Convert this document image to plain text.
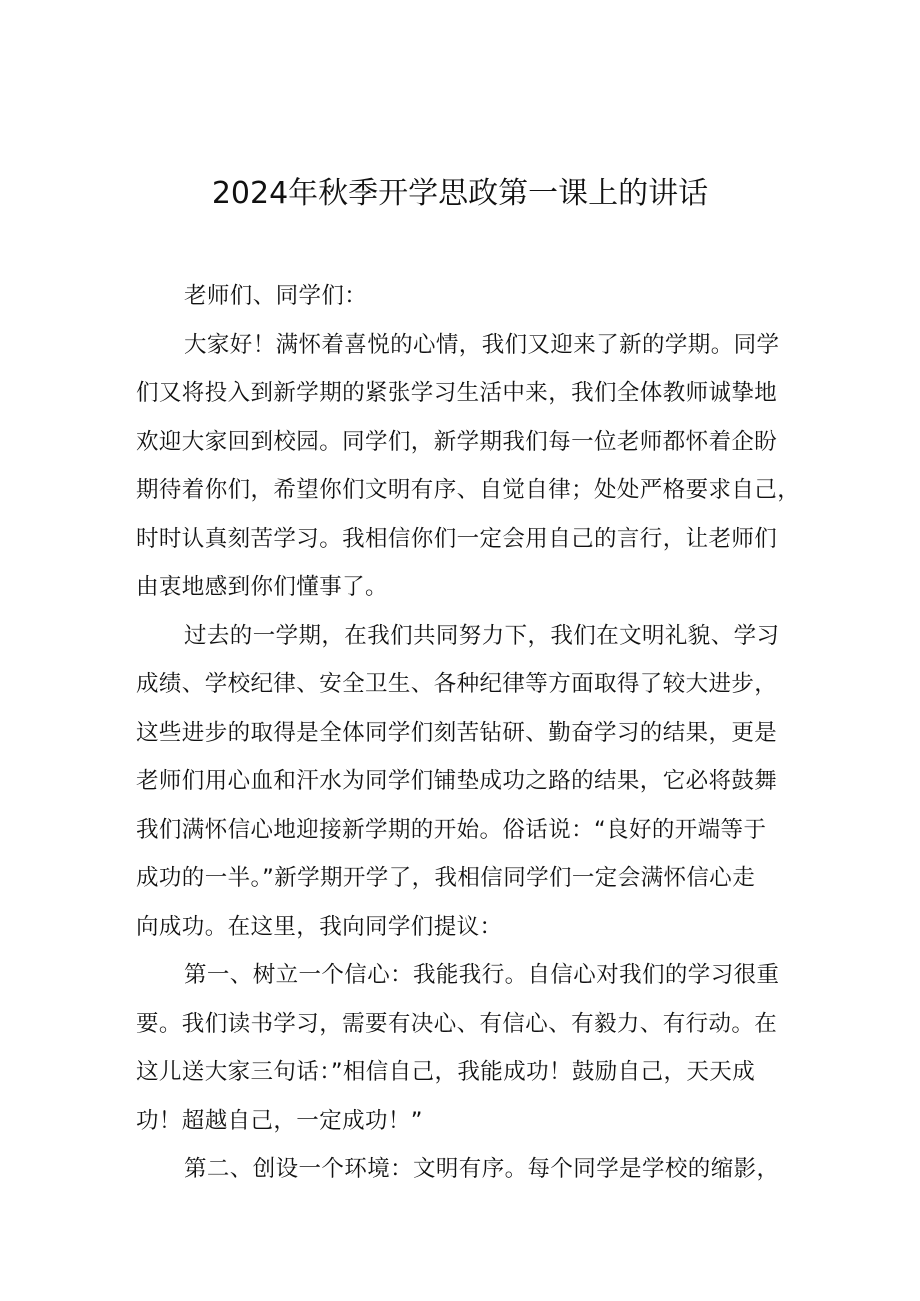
2024年秋季开学思政第一课上的讲话
老师们、同学们：
大家好！满怀着喜悦的心情，我们又迎来了新的学期。同学
们又将投入到新学期的紧张学习生活中来，我们全体教师诚挚地
欢迎大家回到校园。同学们，新学期我们每一位老师都怀着企盼
期待着你们，希望你们文明有序、自觉自律；处处严格要求自己，
时时认真刻苦学习。我相信你们一定会用自己的言行，让老师们
由衷地感到你们懂事了。
过去的一学期，在我们共同努力下，我们在文明礼貌、学习
成绩、学校纪律、安全卫生、各种纪律等方面取得了较大进步，
这些进步的取得是全体同学们刻苦钻研、勤奋学习的结果，更是
老师们用心血和汗水为同学们铺垫成功之路的结果，它必将鼓舞
我们满怀信心地迎接新学期的开始。俗话说：“良好的开端等于
成功的一半。”新学期开学了，我相信同学们一定会满怀信心走
向成功。在这里，我向同学们提议：
第一、树立一个信心：我能我行。自信心对我们的学习很重
要。我们读书学习，需要有决心、有信心、有毅力、有行动。在
这儿送大家三句话：”相信自己，我能成功！鼓励自己，天天成
功！超越自己，一定成功！”
第二、创设一个环境：文明有序。每个同学是学校的缩影，
